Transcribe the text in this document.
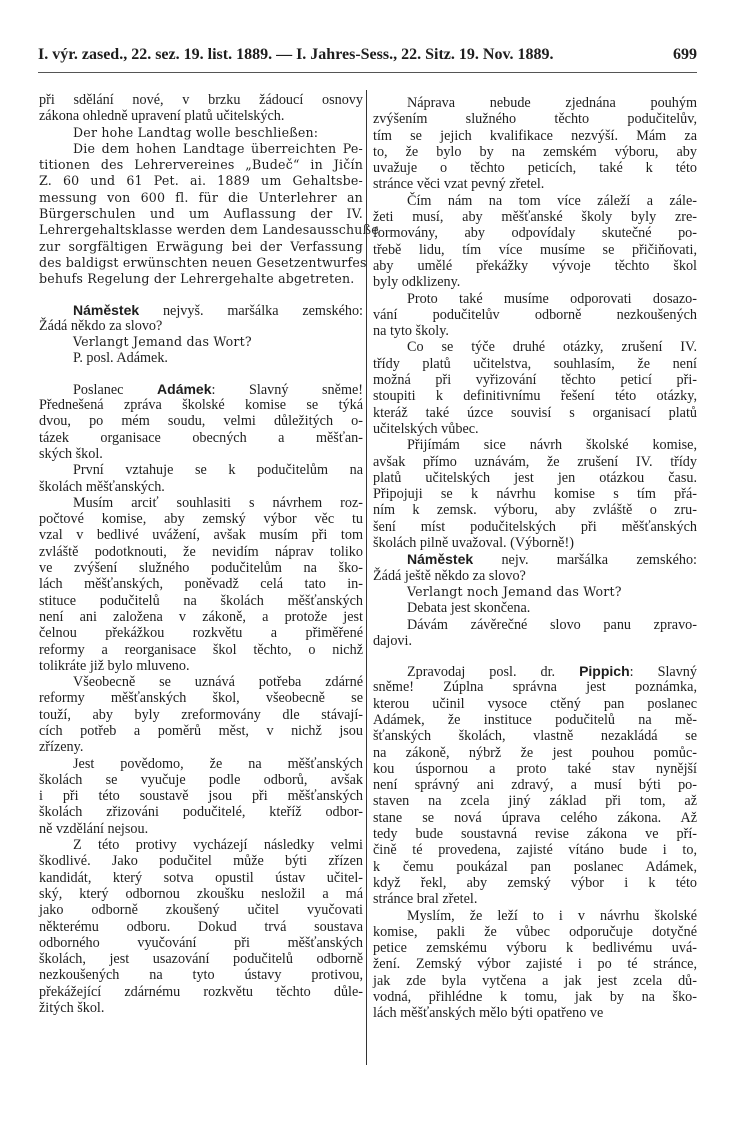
I. výr. zased., 22. sez. 19. list. 1889. — I. Jahres-Sess., 22. Sitz. 19. Nov. 1889.	699
při sdělání nové, v brzku žádoucí osnovy
zákona ohledně upravení platů učitelských.
Der hohe Landtag wolle beschließen:
Die dem hohen Landtage überreichten Pe-
titionen des Lehrervereines „Budeč“ in Jičín
Z. 60 und 61 Pet. ai. 1889 um Gehaltsbe-
messung von 600 fl. für die Unterlehrer an
Bürgerschulen und um Auflassung der IV.
Lehrergehaltsklasse werden dem Landesausschuße
zur sorgfältigen Erwägung bei der Verfassung
des baldigst erwünschten neuen Gesetzentwurfes
behufs Regelung der Lehrergehalte abgetreten.
Náměstek nejvyš. maršálka zemského:
Žádá někdo za slovo?
Verlangt Jemand das Wort?
P. posl. Adámek.
Poslanec Adámek: Slavný sněme!
Přednešená zpráva školské komise se týká
dvou, po mém soudu, velmi důležitých o-
tázek organisace obecných a měšťan-
ských škol.
První vztahuje se k podučitelům na
školách měšťanských.
Musím arciť souhlasiti s návrhem roz-
počtové komise, aby zemský výbor věc tu
vzal v bedlivé uvážení, avšak musím při tom
zvláště podotknouti, že nevidím náprav toliko
ve zvýšení služného podučitelům na ško-
lách měšťanských, poněvadž celá tato in-
stituce podučitelů na školách měšťanských
není ani založena v zákoně, a protože jest
čelnou překážkou rozkvětu a přiměřené
reformy a reorganisace škol těchto, o nichž
tolikráte již bylo mluveno.
Všeobecně se uznává potřeba zdárné
reformy měšťanských škol, všeobecně se
touží, aby byly zreformovány dle stávají-
cích potřeb a poměrů měst, v nichž jsou
zřízeny.
Jest povědomo, že na měšťanských
školách se vyučuje podle odborů, avšak
i při této soustavě jsou při měšťanských
školách zřizováni podučitelé, kteříž odbor-
ně vzdělání nejsou.
Z této protivy vycházejí následky velmi
škodlivé. Jako podučitel může býti zřízen
kandidát, který sotva opustil ústav učitel-
ský, který odbornou zkoušku nesložil a má
jako odborně zkoušený učitel vyučovati
některému odboru. Dokud trvá soustava
odborného vyučování při měšťanských
školách, jest usazování podučitelů odborně
nezkoušených na tyto ústavy protivou,
překážející zdárnému rozkvětu těchto důle-
žitých škol.
Náprava nebude zjednána pouhým
zvýšením služného těchto podučitelův,
tím se jejich kvalifikace nezvýší. Mám za
to, že bylo by na zemském výboru, aby
uvažuje o těchto peticích, také k této
stránce věci vzat pevný zřetel.
Čím nám na tom více záleží a zále-
žeti musí, aby měšťanské školy byly zre-
formovány, aby odpovídaly skutečné po-
třebě lidu, tím více musíme se přičiňovati,
aby umělé překážky vývoje těchto škol
byly odklizeny.
Proto také musíme odporovati dosazo-
vání podučitelův odborně nezkoušených
na tyto školy.
Co se týče druhé otázky, zrušení IV.
třídy platů učitelstva, souhlasím, že není
možná při vyřizování těchto peticí při-
stoupiti k definitivnímu řešení této otázky,
kteráž také úzce souvisí s organisací platů
učitelských vůbec.
Přijímám sice návrh školské komise,
avšak přímo uznávám, že zrušení IV. třídy
platů učitelských jest jen otázkou času.
Připojuji se k návrhu komise s tím přá-
ním k zemsk. výboru, aby zvláště o zru-
šení míst podučitelských při měšťanských
školách pilně uvažoval. (Výborně!)
Náměstek nejv. maršálka zemského:
Žádá ještě někdo za slovo?
Verlangt noch Jemand das Wort?
Debata jest skončena.
Dávám závěrečné slovo panu zpravo-
dajovi.
Zpravodaj posl. dr. Pippich: Slavný
sněme! Zúplna správna jest poznámka,
kterou učinil vysoce ctěný pan poslanec
Adámek, že instituce podučitelů na mě-
šťanských školách, vlastně nezakládá se
na zákoně, nýbrž že jest pouhou pomůc-
kou úspornou a proto také stav nynější
není správný ani zdravý, a musí býti po-
staven na zcela jiný základ při tom, až
stane se nová úprava celého zákona. Až
tedy bude soustavná revise zákona ve pří-
čině té provedena, zajisté vítáno bude i to,
k čemu poukázal pan poslanec Adámek,
když řekl, aby zemský výbor i k této
stránce bral zřetel.
Myslím, že leží to i v návrhu školské
komise, pakli že vůbec odporučuje dotyčné
petice zemskému výboru k bedlivému uvá-
žení. Zemský výbor zajisté i po té stránce,
jak zde byla vytčena a jak jest zcela dů-
vodná, přihlédne k tomu, jak by na ško-
lách měšťanských mělo býti opatřeno ve
